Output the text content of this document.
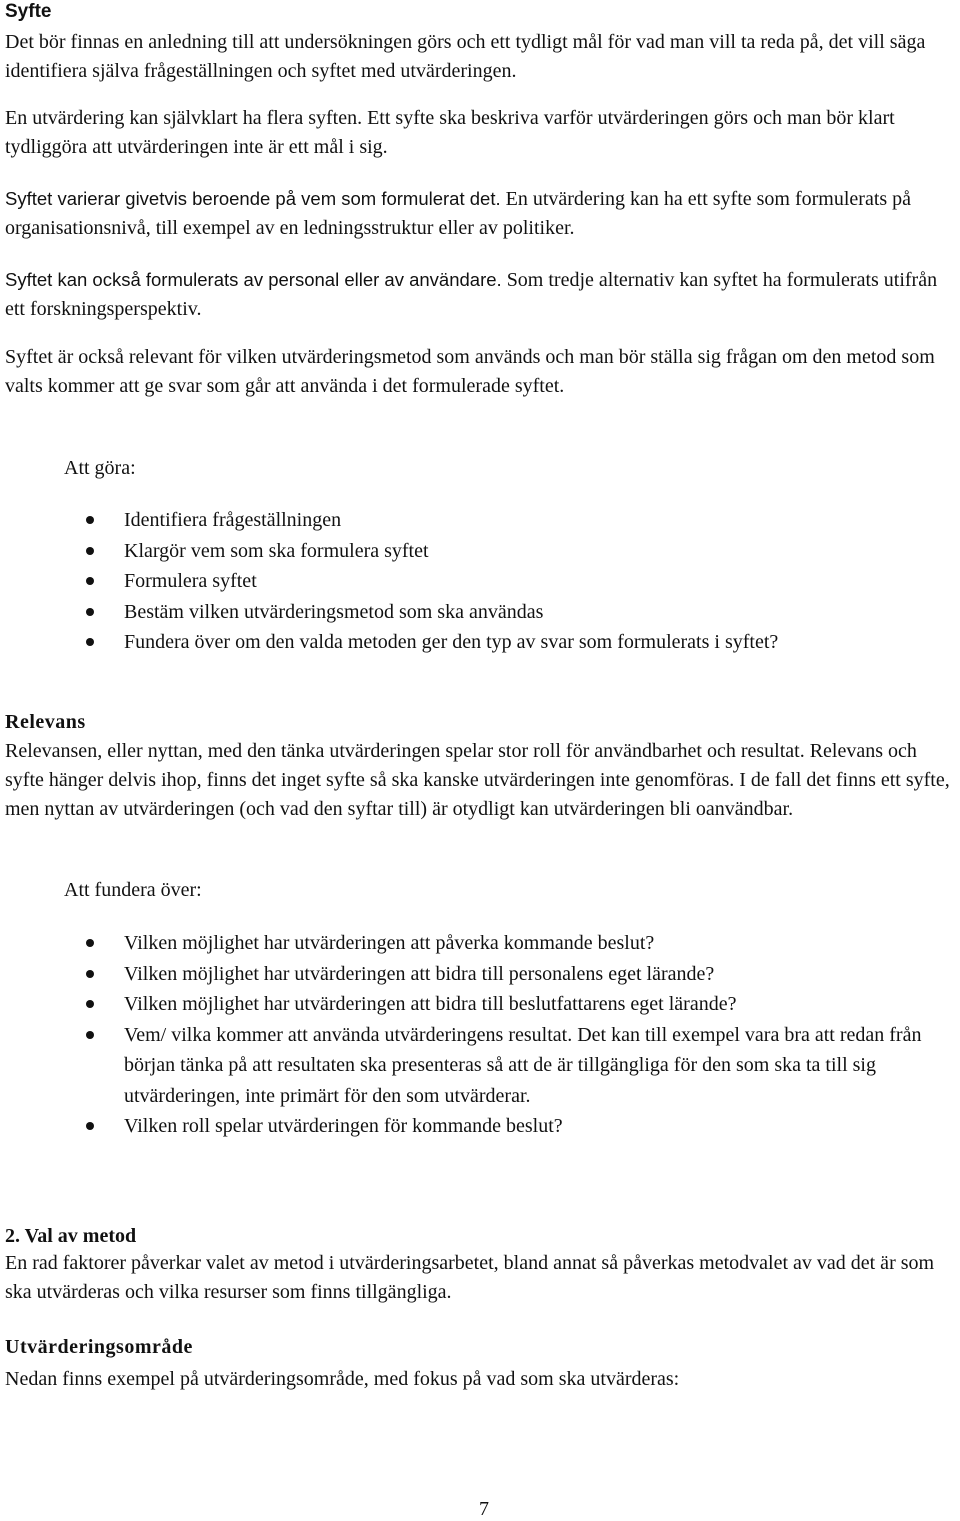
Syfte

Det bör finnas en anledning till att undersökningen görs och ett tydligt mål för vad man vill ta reda på, det vill säga identifiera själva frågeställningen och syftet med utvärderingen.

En utvärdering kan självklart ha flera syften. Ett syfte ska beskriva varför utvärderingen görs och man bör klart tydliggöra att utvärderingen inte är ett mål i sig.

Syftet varierar givetvis beroende på vem som formulerat det. En utvärdering kan ha ett syfte som formulerats på organisationsnivå, till exempel av en ledningsstruktur eller av politiker.

Syftet kan också formulerats av personal eller av användare. Som tredje alternativ kan syftet ha formulerats utifrån ett forskningsperspektiv.

Syftet är också relevant för vilken utvärderingsmetod som används och man bör ställa sig frågan om den metod som valts kommer att ge svar som går att använda i det formulerade syftet.

Att göra:
Identifiera frågeställningen
Klargör vem som ska formulera syftet
Formulera syftet
Bestäm vilken utvärderingsmetod som ska användas
Fundera över om den valda metoden ger den typ av svar som formulerats i syftet?
Relevans

Relevansen, eller nyttan, med den tänka utvärderingen spelar stor roll för användbarhet och resultat. Relevans och syfte hänger delvis ihop, finns det inget syfte så ska kanske utvärderingen inte genomföras. I de fall det finns ett syfte, men nyttan av utvärderingen (och vad den syftar till) är otydligt kan utvärderingen bli oanvändbar.

Att fundera över:
Vilken möjlighet har utvärderingen att påverka kommande beslut?
Vilken möjlighet har utvärderingen att bidra till personalens eget lärande?
Vilken möjlighet har utvärderingen att bidra till beslutfattarens eget lärande?
Vem/ vilka kommer att använda utvärderingens resultat. Det kan till exempel vara bra att redan från början tänka på att resultaten ska presenteras så att de är tillgängliga för den som ska ta till sig utvärderingen, inte primärt för den som utvärderar.
Vilken roll spelar utvärderingen för kommande beslut?
2. Val av metod

En rad faktorer påverkar valet av metod i utvärderingsarbetet, bland annat så påverkas metodvalet av vad det är som ska utvärderas och vilka resurser som finns tillgängliga.

Utvärderingsområde

Nedan finns exempel på utvärderingsområde, med fokus på vad som ska utvärderas:

7
